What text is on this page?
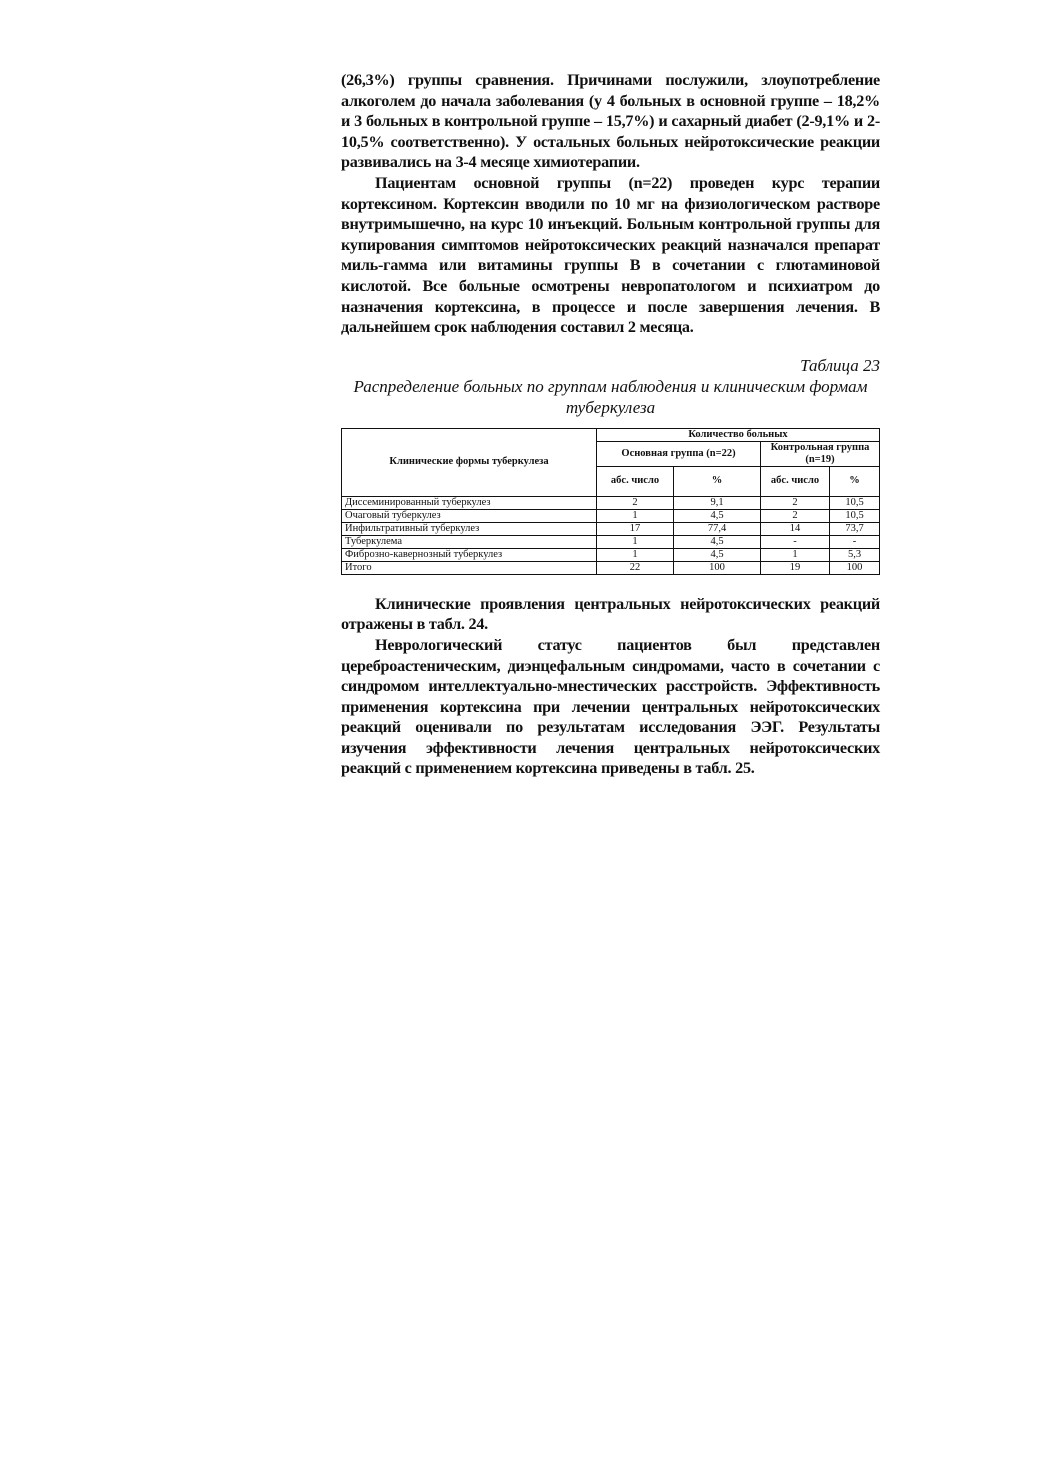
(26,3%) группы сравнения. Причинами послужили, злоупотребление алкоголем до начала заболевания (у 4 больных в основной группе – 18,2% и 3 больных в контрольной группе – 15,7%) и сахарный диабет (2-9,1% и 2-10,5% соответственно). У остальных больных нейротоксические реакции развивались на 3-4 месяце химиотерапии.

Пациентам основной группы (n=22) проведен курс терапии кортексином. Кортексин вводили по 10 мг на физиологическом растворе внутримышечно, на курс 10 инъекций. Больным контрольной группы для купирования симптомов нейротоксических реакций назначался препарат миль-гамма или витамины группы В в сочетании с глютаминовой кислотой. Все больные осмотрены невропатологом и психиатром до назначения кортексина, в процессе и после завершения лечения. В дальнейшем срок наблюдения составил 2 месяца.

Таблица 23
Распределение больных по группам наблюдения и клиническим формам туберкулеза
Клинические формы туберкулеза	Количество больных			
	Основная группа (n=22)		Контрольная группа (n=19)	
	абс. число	%	абс. число	%
Диссеминированный туберкулез	2	9,1	2	10,5
Очаговый туберкулез	1	4,5	2	10,5
Инфильтративный туберкулез	17	77,4	14	73,7
Туберкулема	1	4,5	-	-
Фиброзно-кавернозный туберкулез	1	4,5	1	5,3
Итого	22	100	19	100

Клинические проявления центральных нейротоксических реакций отражены в табл. 24.

Неврологический статус пациентов был представлен цереброастеническим, диэнцефальным синдромами, часто в сочетании с синдромом интеллектуально-мнестических расстройств. Эффективность применения кортексина при лечении центральных нейротоксических реакций оценивали по результатам исследования ЭЭГ. Результаты изучения эффективности лечения центральных нейротоксических реакций с применением кортексина приведены в табл. 25.
